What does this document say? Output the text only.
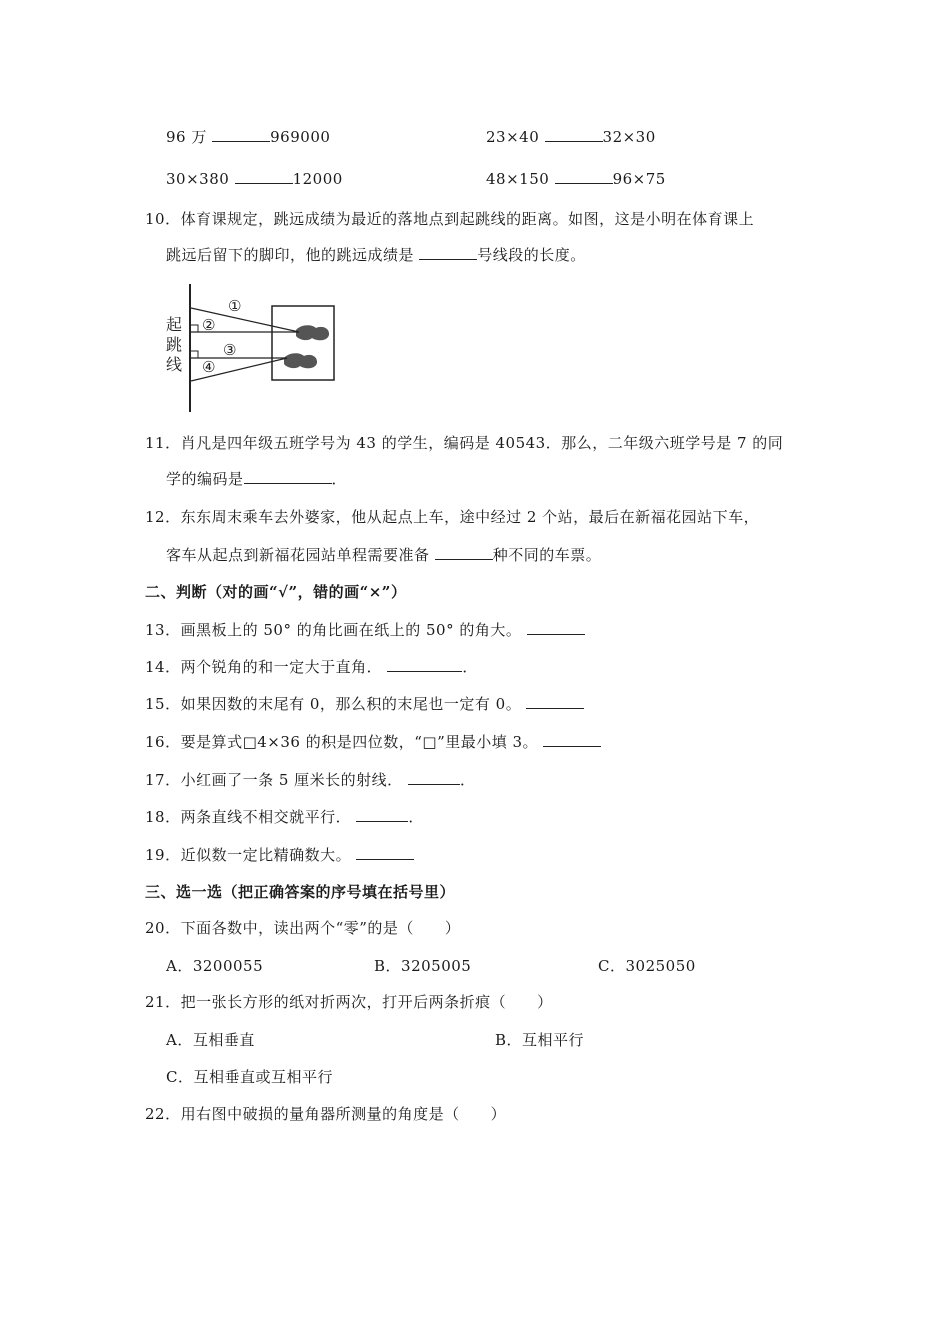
96 万	969000	23×40	32×30
30×380	12000	48×150	96×75
10．体育课规定，跳远成绩为最近的落地点到起跳线的距离。如图，这是小明在体育课上
跳远后留下的脚印，他的跳远成绩是	号线段的长度。
起
跳
线
①
②
③
④
11．肖凡是四年级五班学号为 43 的学生，编码是 40543．那么，二年级六班学号是 7 的同
学的编码是	．
12．东东周末乘车去外婆家，他从起点上车，途中经过 2 个站，最后在新福花园站下车，
客车从起点到新福花园站单程需要准备	种不同的车票。
二、判断（对的画“√”，错的画“×”）
13．画黑板上的 50° 的角比画在纸上的 50° 的角大。
14．两个锐角的和一定大于直角．	．
15．如果因数的末尾有 0，那么积的末尾也一定有 0。
16．要是算式□4×36 的积是四位数，“□”里最小填 3。
17．小红画了一条 5 厘米长的射线．	．
18．两条直线不相交就平行．	．
19．近似数一定比精确数大。
三、选一选（把正确答案的序号填在括号里）
20．下面各数中，读出两个“零”的是（　　）
A．3200055	B．3205005	C．3025050
21．把一张长方形的纸对折两次，打开后两条折痕（　　）
A．互相垂直	B．互相平行
C．互相垂直或互相平行
22．用右图中破损的量角器所测量的角度是（　　）
